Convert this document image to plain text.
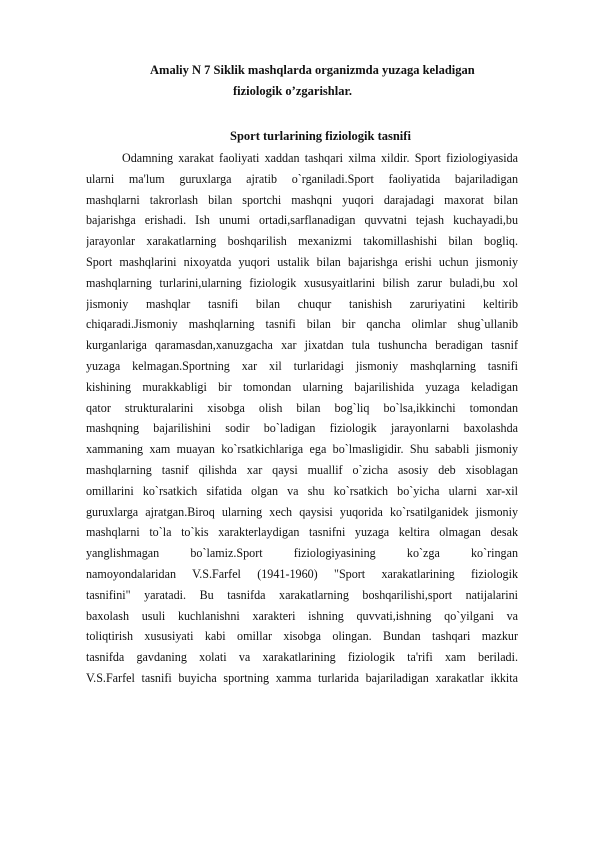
Amaliy N 7 Siklik mashqlarda organizmda yuzaga keladigan
fiziologik o’zgarishlar.
Sport turlarining fiziologik tasnifi
Odamning xarakat faoliyati xaddan tashqari xilma xildir. Sport fiziologiyasida
ularni ma'lum guruxlarga ajratib o`rganiladi.Sport faoliyatida bajariladigan
mashqlarni takrorlash bilan sportchi mashqni yuqori darajadagi maxorat bilan
bajarishga erishadi. Ish unumi ortadi,sarflanadigan quvvatni tejash kuchayadi,bu
jarayonlar xarakatlarning boshqarilish mexanizmi takomillashishi bilan bogliq.
Sport mashqlarini nixoyatda yuqori ustalik bilan bajarishga erishi uchun jismoniy
mashqlarning turlarini,ularning fiziologik xususyaitlarini bilish zarur buladi,bu xol
jismoniy mashqlar tasnifi bilan chuqur tanishish zaruriyatini keltirib
chiqaradi.Jismoniy mashqlarning tasnifi bilan bir qancha olimlar shug`ullanib
kurganlariga qaramasdan,xanuzgacha xar jixatdan tula tushuncha beradigan tasnif
yuzaga kelmagan.Sportning xar xil turlaridagi jismoniy mashqlarning tasnifi
kishining murakkabligi bir tomondan ularning bajarilishida yuzaga keladigan
qator strukturalarini xisobga olish bilan bog`liq bo`lsa,ikkinchi tomondan
mashqning bajarilishini sodir bo`ladigan fiziologik jarayonlarni baxolashda
xammaning xam muayan ko`rsatkichlariga ega bo`lmasligidir. Shu sababli jismoniy
mashqlarning tasnif qilishda xar qaysi muallif o`zicha asosiy deb xisoblagan
omillarini ko`rsatkich sifatida olgan va shu ko`rsatkich bo`yicha ularni xar-xil
guruxlarga ajratgan.Biroq ularning xech qaysisi yuqorida ko`rsatilganidek jismoniy
mashqlarni to`la to`kis xarakterlaydigan tasnifni yuzaga keltira olmagan desak
yanglishmagan bo`lamiz.Sport fiziologiyasining ko`zga ko`ringan
namoyondalaridan V.S.Farfel (1941-1960) "Sport xarakatlarining fiziologik
tasnifini" yaratadi. Bu tasnifda xarakatlarning boshqarilishi,sport natijalarini
baxolash usuli kuchlanishni xarakteri ishning quvvati,ishning qo`yilgani va
toliqtirish xususiyati kabi omillar xisobga olingan. Bundan tashqari mazkur
tasnifda gavdaning xolati va xarakatlarining fiziologik ta'rifi xam beriladi.
V.S.Farfel tasnifi buyicha sportning xamma turlarida bajariladigan xarakatlar ikkita
